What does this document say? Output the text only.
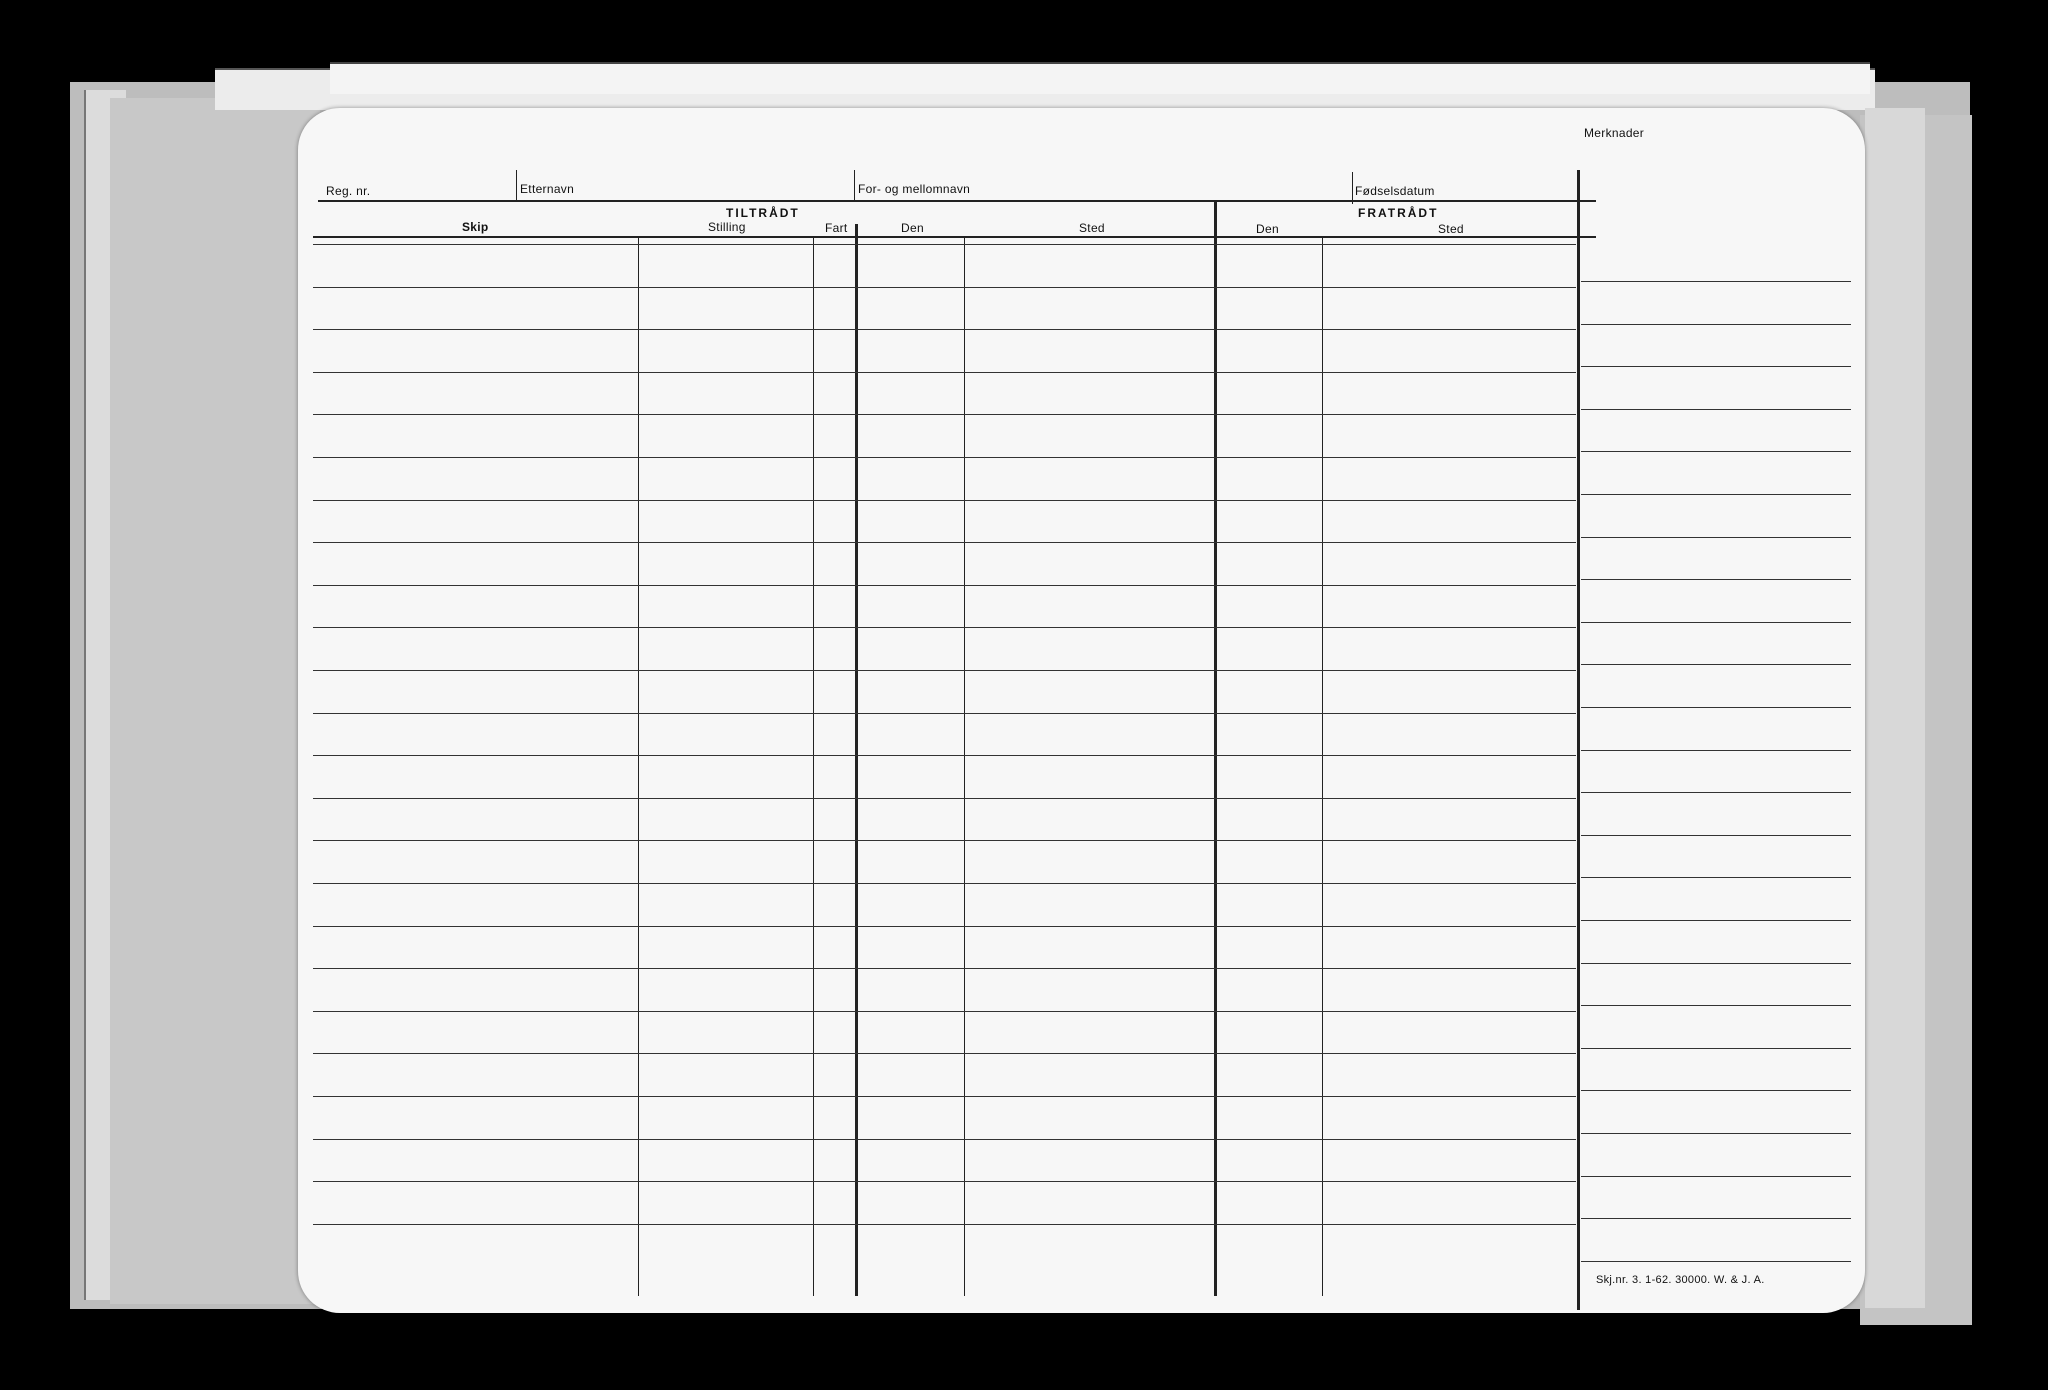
Reg. nr.	Etternavn	For- og mellomnavn	Fødselsdatum
Merknader
TILTRÅDT	FRATRÅDT
Skip	Stilling	Fart	Den	Sted	Den	Sted
Skj.nr. 3. 1-62. 30000. W. & J. A.
